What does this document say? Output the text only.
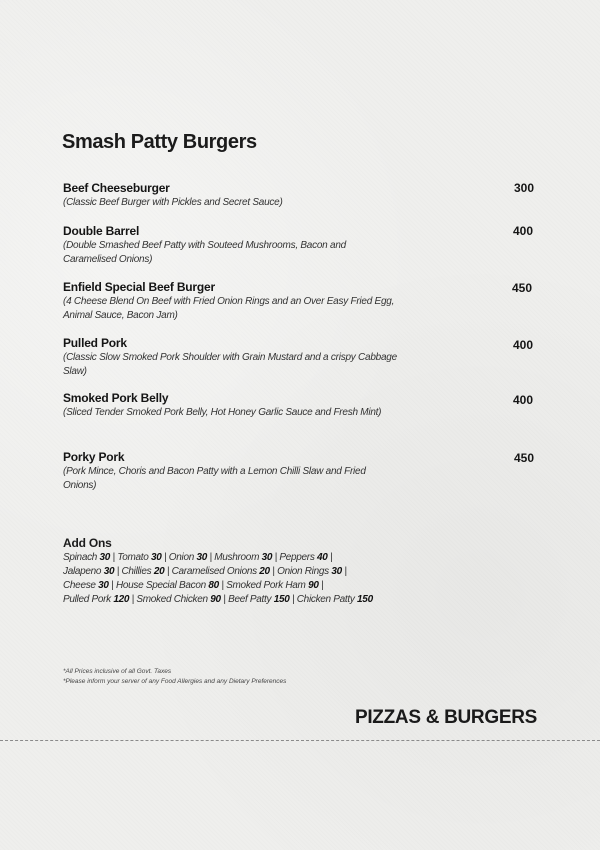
Smash Patty Burgers
Beef Cheeseburger
(Classic Beef Burger with Pickles and Secret Sauce)
300
Double Barrel
(Double Smashed Beef Patty with Souteed Mushrooms, Bacon and Caramelised Onions)
400
Enfield Special Beef Burger
(4 Cheese Blend On Beef with Fried Onion Rings and an Over Easy Fried Egg, Animal Sauce, Bacon Jam)
450
Pulled Pork
(Classic Slow Smoked Pork Shoulder with Grain Mustard and a crispy Cabbage Slaw)
400
Smoked Pork Belly
(Sliced Tender Smoked Pork Belly, Hot Honey Garlic Sauce and Fresh Mint)
400
Porky Pork
(Pork Mince, Choris and Bacon Patty with a Lemon Chilli Slaw and Fried Onions)
450
Add Ons
Spinach 30 | Tomato 30 | Onion 30 | Mushroom 30 | Peppers 40 |
Jalapeno 30 | Chillies 20 | Caramelised Onions 20 | Onion Rings 30 |
Cheese 30 | House Special Bacon 80 | Smoked Pork Ham 90 |
Pulled Pork 120 | Smoked Chicken 90 | Beef Patty 150 | Chicken Patty 150
*All Prices inclusive of all Govt. Taxes
*Please inform your server of any Food Allergies and any Dietary Preferences
PIZZAS & BURGERS
